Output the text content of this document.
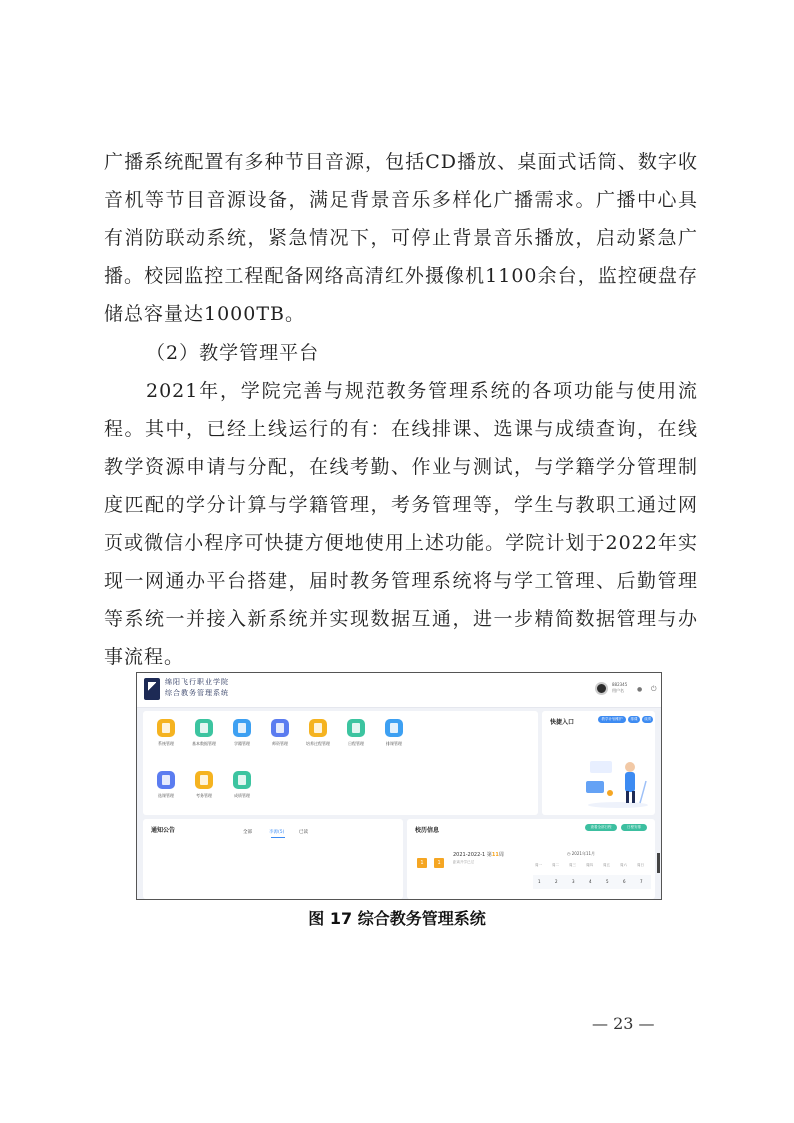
广播系统配置有多种节目音源，包括CD播放、桌面式话筒、数字收音机等节目音源设备，满足背景音乐多样化广播需求。广播中心具有消防联动系统，紧急情况下，可停止背景音乐播放，启动紧急广播。校园监控工程配备网络高清红外摄像机1100余台，监控硬盘存储总容量达1000TB。

（2）教学管理平台

2021年，学院完善与规范教务管理系统的各项功能与使用流程。其中，已经上线运行的有：在线排课、选课与成绩查询，在线教学资源申请与分配，在线考勤、作业与测试，与学籍学分管理制度匹配的学分计算与学籍管理，考务管理等，学生与教职工通过网页或微信小程序可快捷方便地使用上述功能。学院计划于2022年实现一网通办平台搭建，届时教务管理系统将与学工管理、后勤管理等系统一并接入新系统并实现数据互通，进一步精简数据管理与办事流程。

绵阳飞行职业学院
综合教务管理系统
882345
用户名	● ⏻
系统管理	基本数据管理	学籍管理	师资管理	培养过程管理	日程管理	排课管理
选课管理	考务管理	成绩管理
快捷入口	教学计划维护	排课	成绩
通知公告	全部	李源(5)	已读	校历信息	查看全部日程	日程安排
1	1
2021-2022-1 第11周
距离开学已过
◷ 2021年11月
周一	周二	周三	周四	周五	周六	周日
1	2	3	4	5	6	7

图 17 综合教务管理系统

— 23 —
